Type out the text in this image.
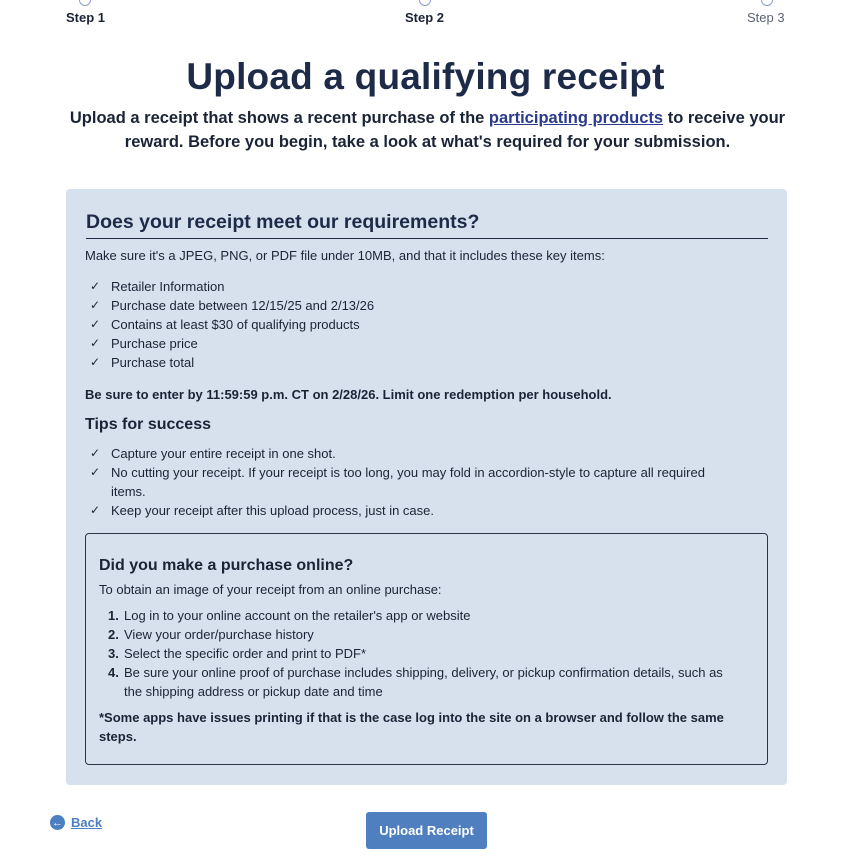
Step 1	Step 2	Step 3
Upload a qualifying receipt

Upload a receipt that shows a recent purchase of the participating products to receive your reward. Before you begin, take a look at what's required for your submission.

Does your receipt meet our requirements?

Make sure it's a JPEG, PNG, or PDF file under 10MB, and that it includes these key items:

✓ Retailer Information
✓ Purchase date between 12/15/25 and 2/13/26
✓ Contains at least $30 of qualifying products
✓ Purchase price
✓ Purchase total

Be sure to enter by 11:59:59 p.m. CT on 2/28/26. Limit one redemption per household.

Tips for success
✓ Capture your entire receipt in one shot.
✓ No cutting your receipt. If your receipt is too long, you may fold in accordion-style to capture all required items.
✓ Keep your receipt after this upload process, just in case.
Did you make a purchase online?

To obtain an image of your receipt from an online purchase:

1. Log in to your online account on the retailer's app or website
2. View your order/purchase history
3. Select the specific order and print to PDF*
4. Be sure your online proof of purchase includes shipping, delivery, or pickup confirmation details, such as the shipping address or pickup date and time

*Some apps have issues printing if that is the case log into the site on a browser and follow the same steps.

← Back
Upload Receipt
